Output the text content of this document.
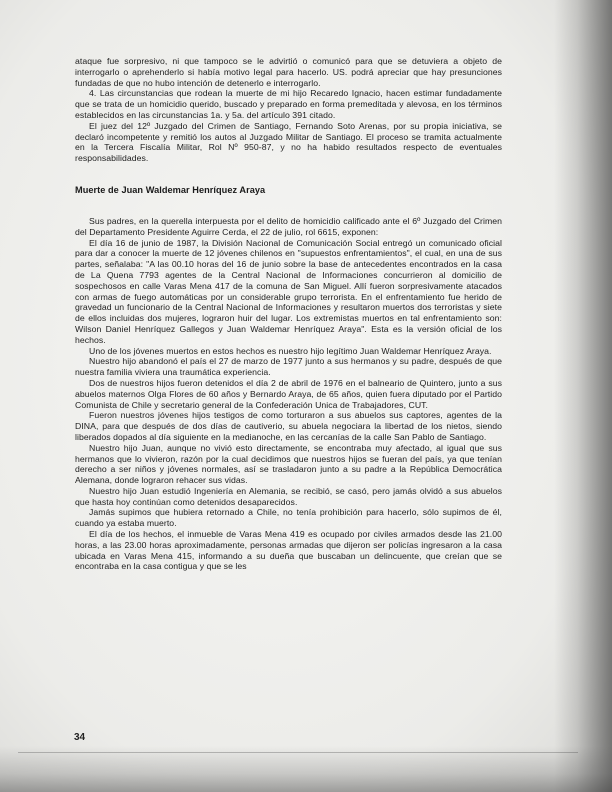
ataque fue sorpresivo, ni que tampoco se le advirtió o comunicó para que se detuviera a objeto de interrogarlo o aprehenderlo si había motivo legal para hacerlo. US. podrá apreciar que hay presunciones fundadas de que no hubo intención de detenerlo e interrogarlo.

4. Las circunstancias que rodean la muerte de mi hijo Recaredo Ignacio, hacen estimar fundadamente que se trata de un homicidio querido, buscado y preparado en forma premeditada y alevosa, en los términos establecidos en las circunstancias 1a. y 5a. del artículo 391 citado.

El juez del 12º Juzgado del Crimen de Santiago, Fernando Soto Arenas, por su propia iniciativa, se declaró incompetente y remitió los autos al Juzgado Militar de Santiago. El proceso se tramita actualmente en la Tercera Fiscalía Militar, Rol Nº 950-87, y no ha habido resultados respecto de eventuales responsabilidades.

Muerte de Juan Waldemar Henríquez Araya

Sus padres, en la querella interpuesta por el delito de homicidio calificado ante el 6º Juzgado del Crimen del Departamento Presidente Aguirre Cerda, el 22 de julio, rol 6615, exponen:

El día 16 de junio de 1987, la División Nacional de Comunicación Social entregó un comunicado oficial para dar a conocer la muerte de 12 jóvenes chilenos en "supuestos enfrentamientos", el cual, en una de sus partes, señalaba: "A las 00.10 horas del 16 de junio sobre la base de antecedentes encontrados en la casa de La Quena 7793 agentes de la Central Nacional de Informaciones concurrieron al domicilio de sospechosos en calle Varas Mena 417 de la comuna de San Miguel. Allí fueron sorpresivamente atacados con armas de fuego automáticas por un considerable grupo terrorista. En el enfrentamiento fue herido de gravedad un funcionario de la Central Nacional de Informaciones y resultaron muertos dos terroristas y siete de ellos incluidas dos mujeres, lograron huir del lugar. Los extremistas muertos en tal enfrentamiento son: Wilson Daniel Henríquez Gallegos y Juan Waldemar Henríquez Araya". Esta es la versión oficial de los hechos.

Uno de los jóvenes muertos en estos hechos es nuestro hijo legítimo Juan Waldemar Henríquez Araya.

Nuestro hijo abandonó el país el 27 de marzo de 1977 junto a sus hermanos y su padre, después de que nuestra familia viviera una traumática experiencia.

Dos de nuestros hijos fueron detenidos el día 2 de abril de 1976 en el balneario de Quintero, junto a sus abuelos maternos Olga Flores de 60 años y Bernardo Araya, de 65 años, quien fuera diputado por el Partido Comunista de Chile y secretario general de la Confederación Unica de Trabajadores, CUT.

Fueron nuestros jóvenes hijos testigos de como torturaron a sus abuelos sus captores, agentes de la DINA, para que después de dos días de cautiverio, su abuela negociara la libertad de los nietos, siendo liberados dopados al día siguiente en la medianoche, en las cercanías de la calle San Pablo de Santiago.

Nuestro hijo Juan, aunque no vivió esto directamente, se encontraba muy afectado, al igual que sus hermanos que lo vivieron, razón por la cual decidimos que nuestros hijos se fueran del país, ya que tenían derecho a ser niños y jóvenes normales, así se trasladaron junto a su padre a la República Democrática Alemana, donde lograron rehacer sus vidas.

Nuestro hijo Juan estudió Ingeniería en Alemania, se recibió, se casó, pero jamás olvidó a sus abuelos que hasta hoy continúan como detenidos desaparecidos.

Jamás supimos que hubiera retornado a Chile, no tenía prohibición para hacerlo, sólo supimos de él, cuando ya estaba muerto.

El día de los hechos, el inmueble de Varas Mena 419 es ocupado por civiles armados desde las 21.00 horas, a las 23.00 horas aproximadamente, personas armadas que dijeron ser policías ingresaron a la casa ubicada en Varas Mena 415, informando a su dueña que buscaban un delincuente, que creían que se encontraba en la casa contigua y que se les

34
